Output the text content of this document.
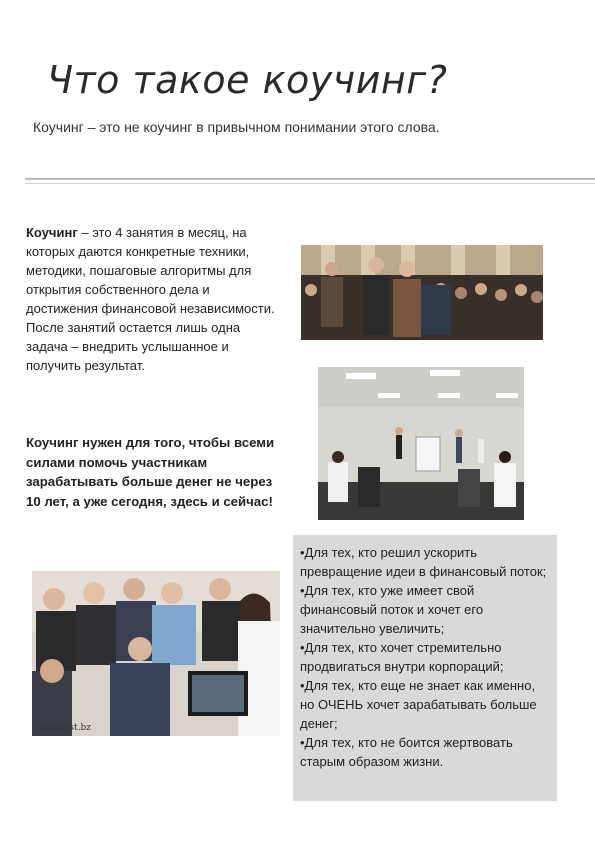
Что такое коучинг?

Коучинг – это не коучинг в привычном понимании этого слова.

Коучинг – это 4 занятия в месяц, на которых даются конкретные техники, методики, пошаговые алгоритмы для открытия собственного дела и достижения финансовой независимости. После занятий остается лишь одна задача – внедрить услышанное и получить результат.

Коучинг нужен для того, чтобы всеми силами помочь участникам зарабатывать больше денег не через 10 лет, а уже сегодня, здесь и сейчас!

molodost.bz

•Для тех, кто решил ускорить превращение идеи в финансовый поток;

•Для тех, кто уже имеет свой финансовый поток и хочет его значительно увеличить;

•Для тех, кто хочет стремительно продвигаться внутри корпораций;

•Для тех, кто еще не знает как именно, но ОЧЕНЬ хочет зарабатывать больше денег;

•Для тех, кто не боится жертвовать старым образом жизни.
